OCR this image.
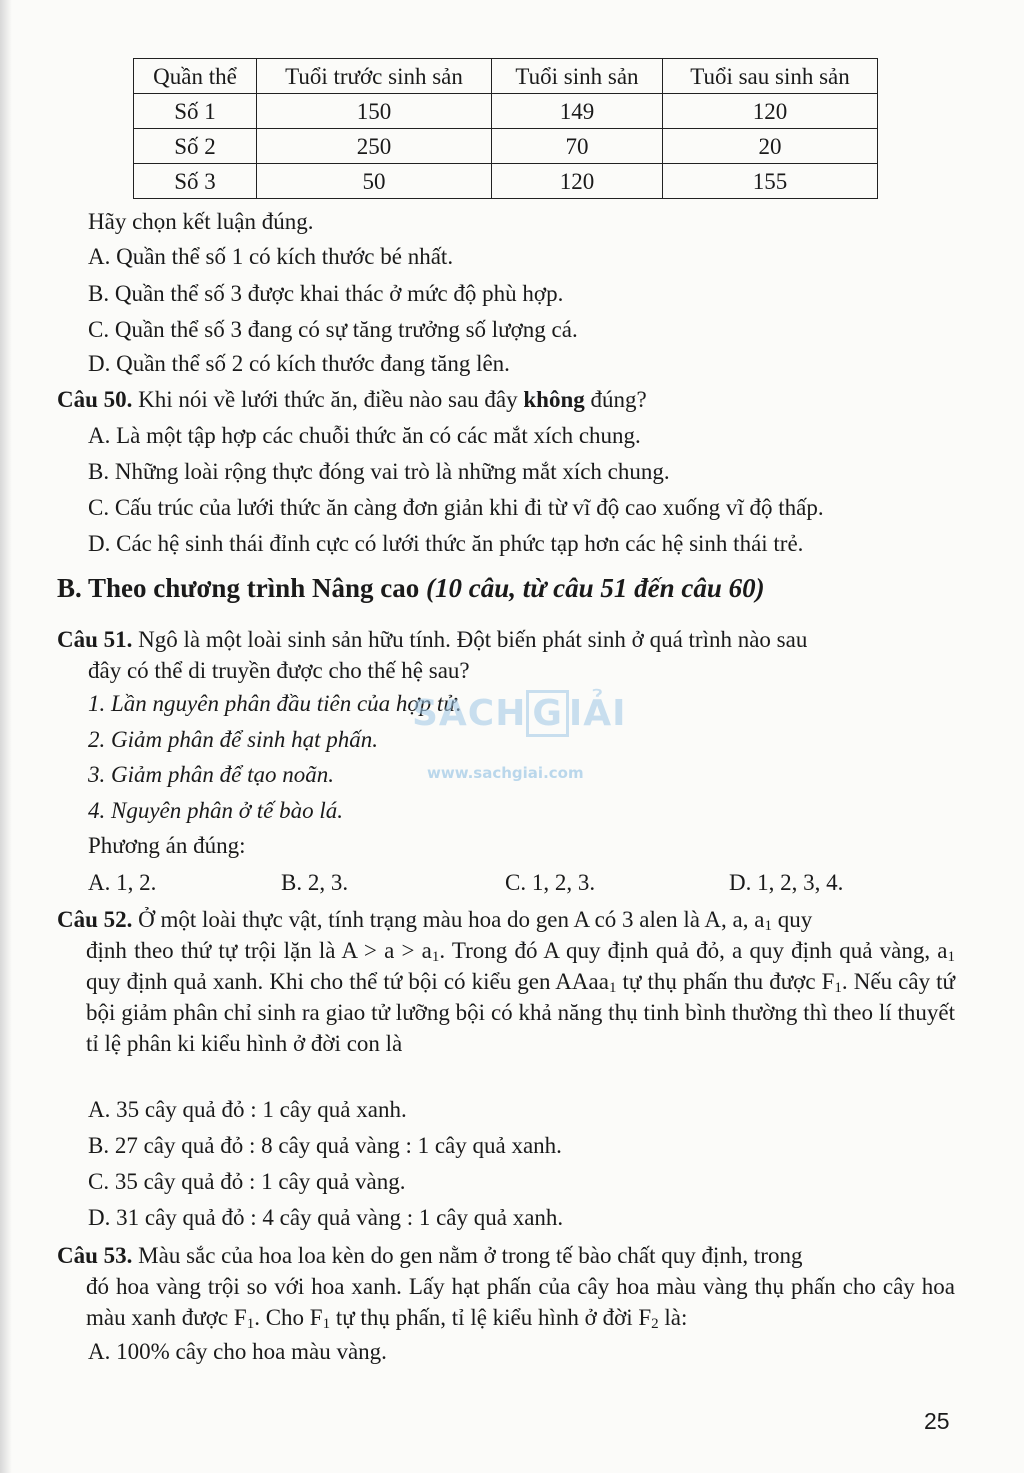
Quần thể	Tuổi trước sinh sản	Tuổi sinh sản	Tuổi sau sinh sản
Số 1	150	149	120
Số 2	250	70	20
Số 3	50	120	155
Hãy chọn kết luận đúng.
A. Quần thể số 1 có kích thước bé nhất.
B. Quần thể số 3 được khai thác ở mức độ phù hợp.
C. Quần thể số 3 đang có sự tăng trưởng số lượng cá.
D. Quần thể số 2 có kích thước đang tăng lên.
Câu 50. Khi nói về lưới thức ăn, điều nào sau đây không đúng?
A. Là một tập hợp các chuỗi thức ăn có các mắt xích chung.
B. Những loài rộng thực đóng vai trò là những mắt xích chung.
C. Cấu trúc của lưới thức ăn càng đơn giản khi đi từ vĩ độ cao xuống vĩ độ thấp.
D. Các hệ sinh thái đỉnh cực có lưới thức ăn phức tạp hơn các hệ sinh thái trẻ.
B. Theo chương trình Nâng cao (10 câu, từ câu 51 đến câu 60)
Câu 51. Ngô là một loài sinh sản hữu tính. Đột biến phát sinh ở quá trình nào sau
đây có thể di truyền được cho thế hệ sau?
1. Lần nguyên phân đầu tiên của hợp tử.
2. Giảm phân để sinh hạt phấn.
3. Giảm phân để tạo noãn.
4. Nguyên phân ở tế bào lá.
Phương án đúng:
A. 1, 2.	B. 2, 3.	C. 1, 2, 3.	D. 1, 2, 3, 4.
Câu 52. Ở một loài thực vật, tính trạng màu hoa do gen A có 3 alen là A, a, $a_1$ quy
định theo thứ tự trội lặn là $A > a > a_1$. Trong đó A quy định quả đỏ, a quy định quả vàng, $a_1$ quy định quả xanh. Khi cho thể tứ bội có kiểu gen AAaa$_1$ tự thụ phấn thu được $F_1$. Nếu cây tứ bội giảm phân chỉ sinh ra giao tử lưỡng bội có khả năng thụ tinh bình thường thì theo lí thuyết tỉ lệ phân ki kiểu hình ở đời con là
A. 35 cây quả đỏ : 1 cây quả xanh.
B. 27 cây quả đỏ : 8 cây quả vàng : 1 cây quả xanh.
C. 35 cây quả đỏ : 1 cây quả vàng.
D. 31 cây quả đỏ : 4 cây quả vàng : 1 cây quả xanh.
Câu 53. Màu sắc của hoa loa kèn do gen nằm ở trong tế bào chất quy định, trong
đó hoa vàng trội so với hoa xanh. Lấy hạt phấn của cây hoa màu vàng thụ phấn cho cây hoa màu xanh được $F_1$. Cho $F_1$ tự thụ phấn, tỉ lệ kiểu hình ở đời $F_2$ là:
A. 100% cây cho hoa màu vàng.
SACH G IẢI
www.sachgiai.com
25
